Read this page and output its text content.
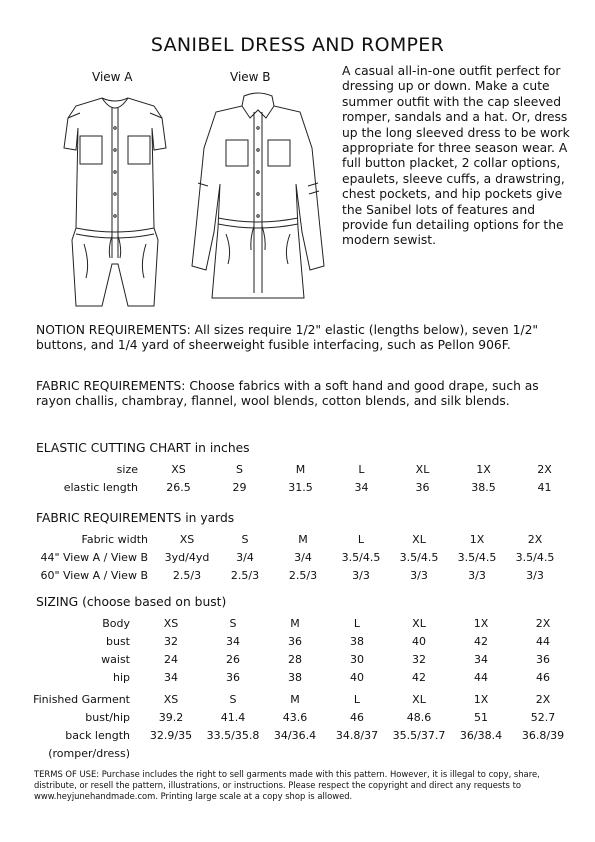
SANIBEL DRESS AND ROMPER
View A	View B	A casual all-in-one outfit perfect for dressing up or down. Make a cute summer outfit with the cap sleeved romper, sandals and a hat. Or, dress up the long sleeved dress to be work appropriate for three season wear. A full button placket, 2 collar options, epaulets, sleeve cuffs, a drawstring, chest pockets, and hip pockets give the Sanibel lots of features and provide fun detailing options for the modern sewist.
NOTION REQUIREMENTS: All sizes require 1/2" elastic (lengths below), seven 1/2" buttons, and 1/4 yard of sheerweight fusible interfacing, such as Pellon 906F.
FABRIC REQUIREMENTS: Choose fabrics with a soft hand and good drape, such as rayon challis, chambray, flannel, wool blends, cotton blends, and silk blends.
ELASTIC CUTTING CHART in inches
size	XS	S	M	L	XL	1X	2X
elastic length	26.5	29	31.5	34	36	38.5	41
FABRIC REQUIREMENTS in yards
Fabric width	XS	S	M	L	XL	1X	2X
44" View A / View B	3yd/4yd	3/4	3/4	3.5/4.5	3.5/4.5	3.5/4.5	3.5/4.5
60" View A / View B	2.5/3	2.5/3	2.5/3	3/3	3/3	3/3	3/3
SIZING (choose based on bust)
Body	XS	S	M	L	XL	1X	2X
bust	32	34	36	38	40	42	44
waist	24	26	28	30	32	34	36
hip	34	36	38	40	42	44	46
Finished Garment	XS	S	M	L	XL	1X	2X
bust/hip	39.2	41.4	43.6	46	48.6	51	52.7
back length	32.9/35	33.5/35.8	34/36.4	34.8/37	35.5/37.7	36/38.4	36.8/39
(romper/dress)							
TERMS OF USE: Purchase includes the right to sell garments made with this pattern. However, it is illegal to copy, share, distribute, or resell the pattern, illustrations, or instructions. Please respect the copyright and direct any requests to www.heyjunehandmade.com. Printing large scale at a copy shop is allowed.
